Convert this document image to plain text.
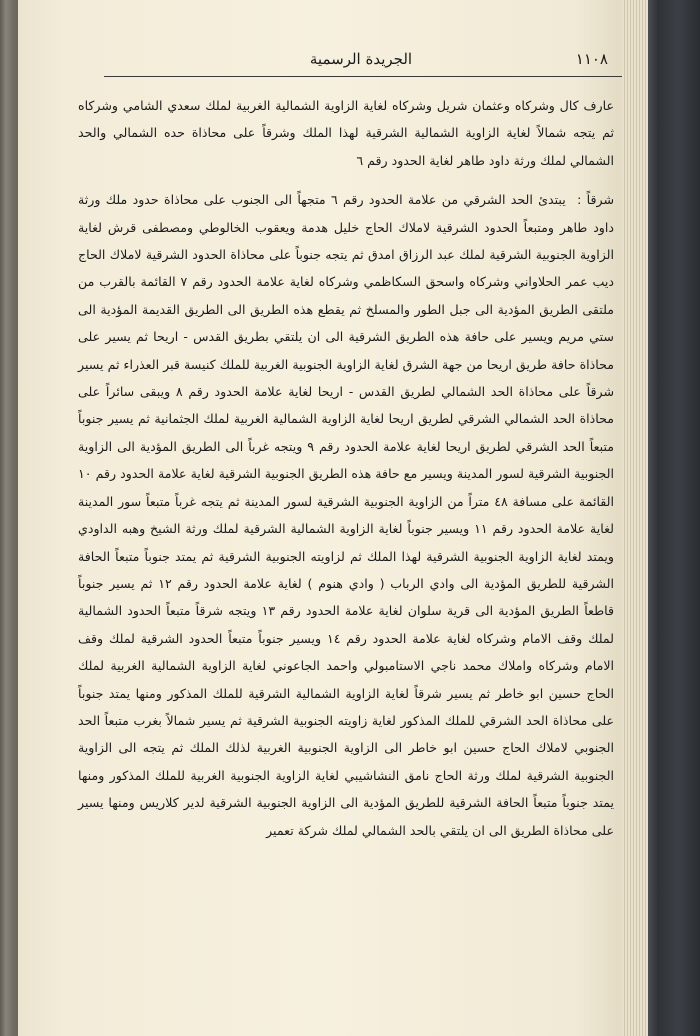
١١٠٨
الجريدة الرسمية

عارف كال وشركاه وعثمان شريل وشركاه لغاية الزاوية الشمالية الغربية لملك سعدي الشامي وشركاه ثم يتجه شمالاً لغاية الزاوية الشمالية الشرقية لهذا الملك وشرقاً على محاذاة حده الشمالي والحد الشمالي لملك ورثة داود طاهر لغاية الحدود رقم ٦

شرقاً : يبتدئ الحد الشرقي من علامة الحدود رقم ٦ متجهاً الى الجنوب على محاذاة حدود ملك ورثة داود طاهر ومتبعاً الحدود الشرقية لاملاك الحاج خليل هدمة ويعقوب الخالوطي ومصطفى قرش لغاية الزاوية الجنوبية الشرقية لملك عبد الرزاق امدق ثم يتجه جنوباً على محاذاة الحدود الشرقية لاملاك الحاج ديب عمر الحلاواني وشركاه واسحق السكاظمي وشركاه لغاية علامة الحدود رقم ٧ القائمة بالقرب من ملتقى الطريق المؤدية الى جبل الطور والمسلخ ثم يقطع هذه الطريق الى الطريق القديمة المؤدية الى ستي مريم ويسير على حافة هذه الطريق الشرقية الى ان يلتقي بطريق القدس - اريحا ثم يسير على محاذاة حافة طريق اريحا من جهة الشرق لغاية الزاوية الجنوبية الغربية للملك كنيسة قبر العذراء ثم يسير شرقاً على محاذاة الحد الشمالي لطريق القدس - اريحا لغاية علامة الحدود رقم ٨ ويبقى سائراً على محاذاة الحد الشمالي الشرقي لطريق اريحا لغاية الزاوية الشمالية الغربية لملك الجثمانية ثم يسير جنوباً متبعاً الحد الشرقي لطريق اريحا لغاية علامة الحدود رقم ٩ ويتجه غرباً الى الطريق المؤدية الى الزاوية الجنوبية الشرقية لسور المدينة ويسير مع حافة هذه الطريق الجنوبية الشرقية لغاية علامة الحدود رقم ١٠ القائمة على مسافة ٤٨ متراً من الزاوية الجنوبية الشرقية لسور المدينة ثم يتجه غرباً متبعاً سور المدينة لغاية علامة الحدود رقم ١١ ويسير جنوباً لغاية الزاوية الشمالية الشرقية لملك ورثة الشيخ وهبه الداودي ويمتد لغاية الزاوية الجنوبية الشرقية لهذا الملك ثم لزاويته الجنوبية الشرقية ثم يمتد جنوباً متبعاً الحافة الشرقية للطريق المؤدية الى وادي الرباب ( وادي هنوم ) لغاية علامة الحدود رقم ١٢ ثم يسير جنوباً قاطعاً الطريق المؤدية الى قرية سلوان لغاية علامة الحدود رقم ١٣ ويتجه شرقاً متبعاً الحدود الشمالية لملك وقف الامام وشركاه لغاية علامة الحدود رقم ١٤ ويسير جنوباً متبعاً الحدود الشرقية لملك وقف الامام وشركاه واملاك محمد ناجي الاستامبولي واحمد الجاعوني لغاية الزاوية الشمالية الغربية لملك الحاج حسين ابو خاطر ثم يسير شرقاً لغاية الزاوية الشمالية الشرقية للملك المذكور ومنها يمتد جنوباً على محاذاة الحد الشرقي للملك المذكور لغاية زاويته الجنوبية الشرقية ثم يسير شمالاً بغرب متبعاً الحد الجنوبي لاملاك الحاج حسين ابو خاطر الى الزاوية الجنوبية الغربية لذلك الملك ثم يتجه الى الزاوية الجنوبية الشرقية لملك ورثة الحاج نامق النشاشيبي لغاية الزاوية الجنوبية الغربية للملك المذكور ومنها يمتد جنوباً متبعاً الحافة الشرقية للطريق المؤدية الى الزاوية الجنوبية الشرقية لدير كلاريس ومنها يسير على محاذاة الطريق الى ان يلتقي بالحد الشمالي لملك شركة تعمير
